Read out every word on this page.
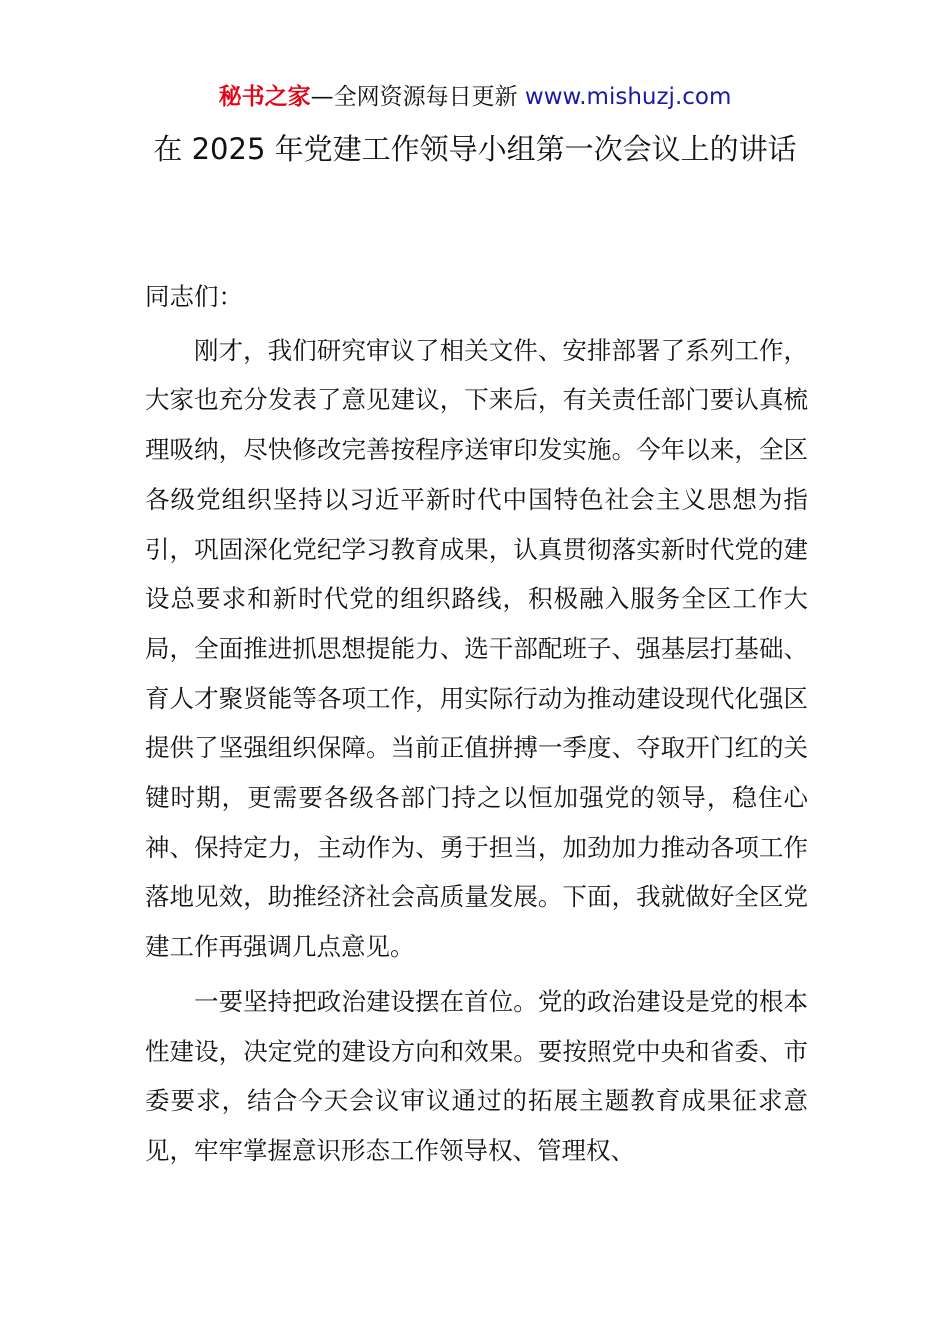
秘书之家—全网资源每日更新 www.mishuzj.com
在 2025 年党建工作领导小组第一次会议上的讲话

同志们：

刚才，我们研究审议了相关文件、安排部署了系列工作，大家也充分发表了意见建议，下来后，有关责任部门要认真梳理吸纳，尽快修改完善按程序送审印发实施。今年以来，全区各级党组织坚持以习近平新时代中国特色社会主义思想为指引，巩固深化党纪学习教育成果，认真贯彻落实新时代党的建设总要求和新时代党的组织路线，积极融入服务全区工作大局，全面推进抓思想提能力、选干部配班子、强基层打基础、育人才聚贤能等各项工作，用实际行动为推动建设现代化强区提供了坚强组织保障。当前正值拼搏一季度、夺取开门红的关键时期，更需要各级各部门持之以恒加强党的领导，稳住心神、保持定力，主动作为、勇于担当，加劲加力推动各项工作落地见效，助推经济社会高质量发展。下面，我就做好全区党建工作再强调几点意见。

一要坚持把政治建设摆在首位。党的政治建设是党的根本性建设，决定党的建设方向和效果。要按照党中央和省委、市委要求，结合今天会议审议通过的拓展主题教育成果征求意见，牢牢掌握意识形态工作领导权、管理权、
